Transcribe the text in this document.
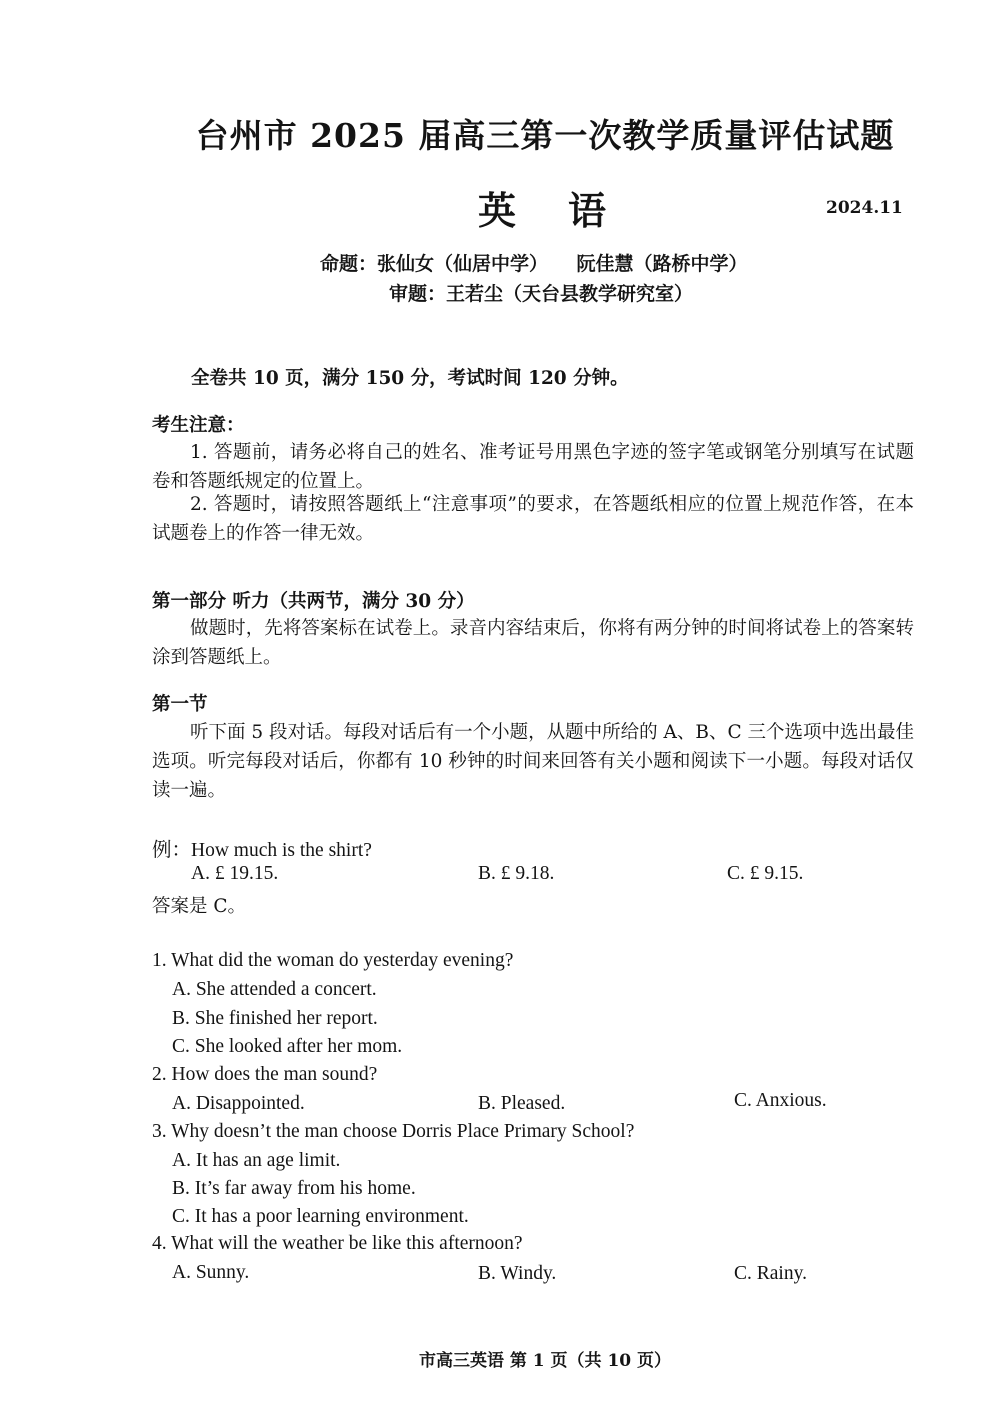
台州市 2025 届高三第一次教学质量评估试题
英语	2024.11
命题：张仙女（仙居中学）　　阮佳慧（路桥中学）
审题：王若尘（天台县教学研究室）
全卷共 10 页，满分 150 分，考试时间 120 分钟。
考生注意：
1. 答题前，请务必将自己的姓名、准考证号用黑色字迹的签字笔或钢笔分别填写在试题卷和答题纸规定的位置上。
2. 答题时，请按照答题纸上“注意事项”的要求，在答题纸相应的位置上规范作答，在本试题卷上的作答一律无效。
第一部分 听力（共两节，满分 30 分）
做题时，先将答案标在试卷上。录音内容结束后，你将有两分钟的时间将试卷上的答案转涂到答题纸上。
第一节
听下面 5 段对话。每段对话后有一个小题，从题中所给的 A、B、C 三个选项中选出最佳选项。听完每段对话后，你都有 10 秒钟的时间来回答有关小题和阅读下一小题。每段对话仅读一遍。
例：How much is the shirt?
A. £ 19.15.	B. £ 9.18.	C. £ 9.15.
答案是 C。
1. What did the woman do yesterday evening?
A. She attended a concert.
B. She finished her report.
C. She looked after her mom.
2. How does the man sound?
A. Disappointed.	B. Pleased.	C. Anxious.
3. Why doesn’t the man choose Dorris Place Primary School?
A. It has an age limit.
B. It’s far away from his home.
C. It has a poor learning environment.
4. What will the weather be like this afternoon?
A. Sunny.	B. Windy.	C. Rainy.
市高三英语 第 1 页（共 10 页）
